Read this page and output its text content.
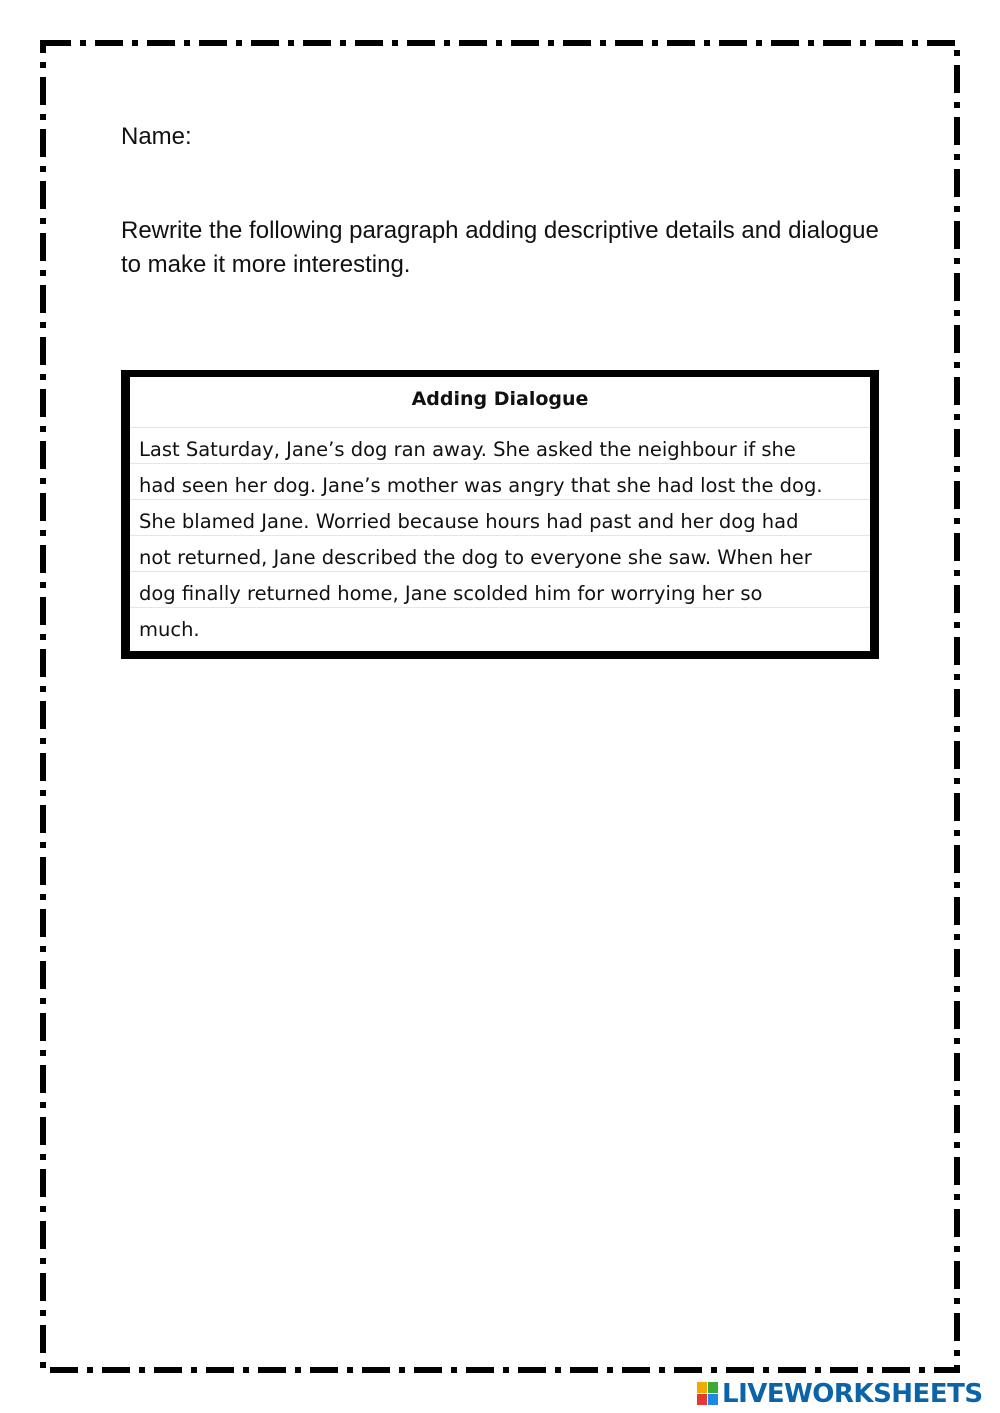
Name:

Rewrite the following paragraph adding descriptive details and dialogue to make it more interesting.

Adding Dialogue

Last Saturday, Jane’s dog ran away. She asked the neighbour if she
had seen her dog. Jane’s mother was angry that she had lost the dog.
She blamed Jane. Worried because hours had past and her dog had
not returned, Jane described the dog to everyone she saw. When her
dog finally returned home, Jane scolded him for worrying her so
much.
LIVEWORKSHEETS
